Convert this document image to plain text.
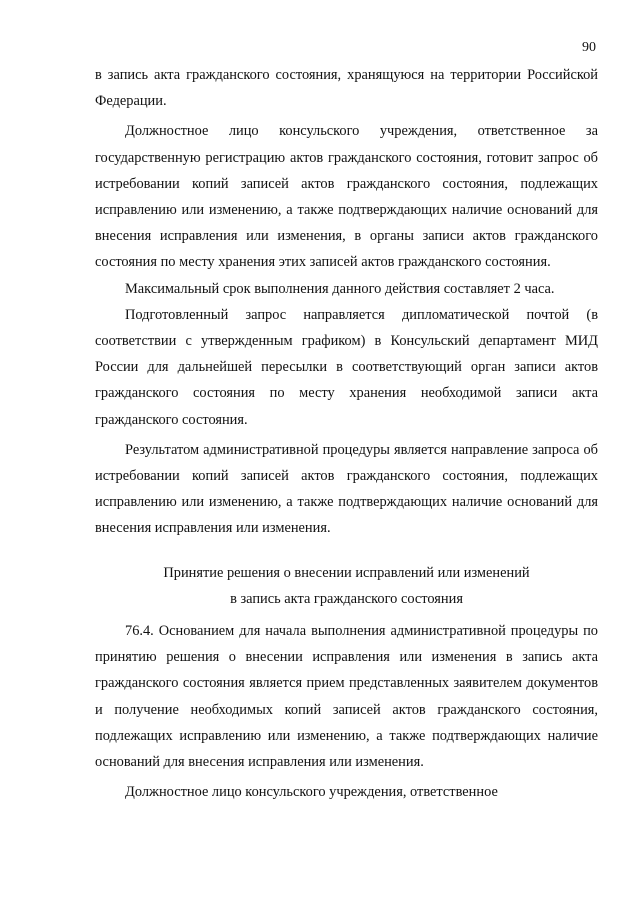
90

в запись акта гражданского состояния, хранящуюся на территории Российской Федерации.

Должностное лицо консульского учреждения, ответственное за государственную регистрацию актов гражданского состояния, готовит запрос об истребовании копий записей актов гражданского состояния, подлежащих исправлению или изменению, а также подтверждающих наличие оснований для внесения исправления или изменения, в органы записи актов гражданского состояния по месту хранения этих записей актов гражданского состояния.

Максимальный срок выполнения данного действия составляет 2 часа.

Подготовленный запрос направляется дипломатической почтой (в соответствии с утвержденным графиком) в Консульский департамент МИД России для дальнейшей пересылки в соответствующий орган записи актов гражданского состояния по месту хранения необходимой записи акта гражданского состояния.

Результатом административной процедуры является направление запроса об истребовании копий записей актов гражданского состояния, подлежащих исправлению или изменению, а также подтверждающих наличие оснований для внесения исправления или изменения.

Принятие решения о внесении исправлений или изменений
в запись акта гражданского состояния

76.4. Основанием для начала выполнения административной процедуры по принятию решения о внесении исправления или изменения в запись акта гражданского состояния является прием представленных заявителем документов и получение необходимых копий записей актов гражданского состояния, подлежащих исправлению или изменению, а также подтверждающих наличие оснований для внесения исправления или изменения.

Должностное лицо консульского учреждения, ответственное
